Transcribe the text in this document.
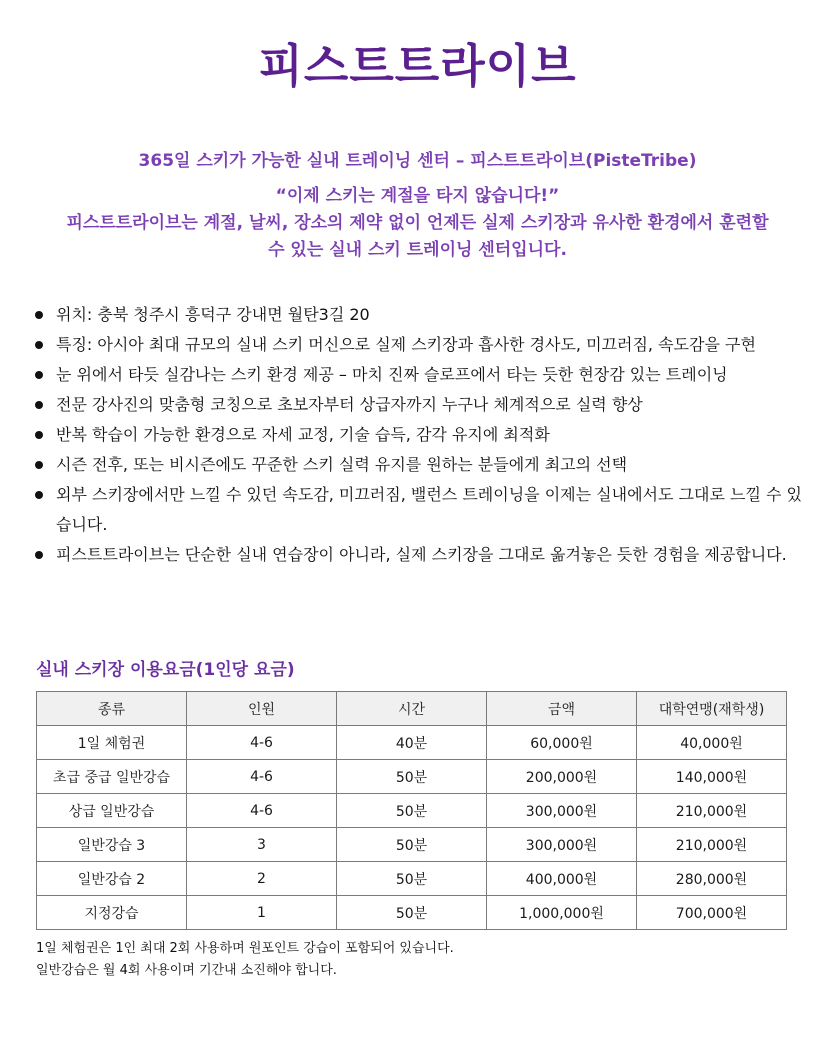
피스트트라이브
365일 스키가 가능한 실내 트레이닝 센터 – 피스트트라이브(PisteTribe)
“이제 스키는 계절을 타지 않습니다!”
피스트트라이브는 계절, 날씨, 장소의 제약 없이 언제든 실제 스키장과 유사한 환경에서 훈련할
수 있는 실내 스키 트레이닝 센터입니다.
위치: 충북 청주시 흥덕구 강내면 월탄3길 20
특징: 아시아 최대 규모의 실내 스키 머신으로 실제 스키장과 흡사한 경사도, 미끄러짐, 속도감을 구현
눈 위에서 타듯 실감나는 스키 환경 제공 – 마치 진짜 슬로프에서 타는 듯한 현장감 있는 트레이닝
전문 강사진의 맞춤형 코칭으로 초보자부터 상급자까지 누구나 체계적으로 실력 향상
반복 학습이 가능한 환경으로 자세 교정, 기술 습득, 감각 유지에 최적화
시즌 전후, 또는 비시즌에도 꾸준한 스키 실력 유지를 원하는 분들에게 최고의 선택
외부 스키장에서만 느낄 수 있던 속도감, 미끄러짐, 밸런스 트레이닝을 이제는 실내에서도 그대로 느낄 수 있습니다.
피스트트라이브는 단순한 실내 연습장이 아니라, 실제 스키장을 그대로 옮겨놓은 듯한 경험을 제공합니다.
실내 스키장 이용요금(1인당 요금)
종류	인원	시간	금액	대학연맹(재학생)
1일 체험권	4-6	40분	60,000원	40,000원
초급 중급 일반강습	4-6	50분	200,000원	140,000원
상급 일반강습	4-6	50분	300,000원	210,000원
일반강습 3	3	50분	300,000원	210,000원
일반강습 2	2	50분	400,000원	280,000원
지정강습	1	50분	1,000,000원	700,000원
1일 체험권은 1인 최대 2회 사용하며 원포인트 강습이 포함되어 있습니다.
일반강습은 월 4회 사용이며 기간내 소진해야 합니다.
